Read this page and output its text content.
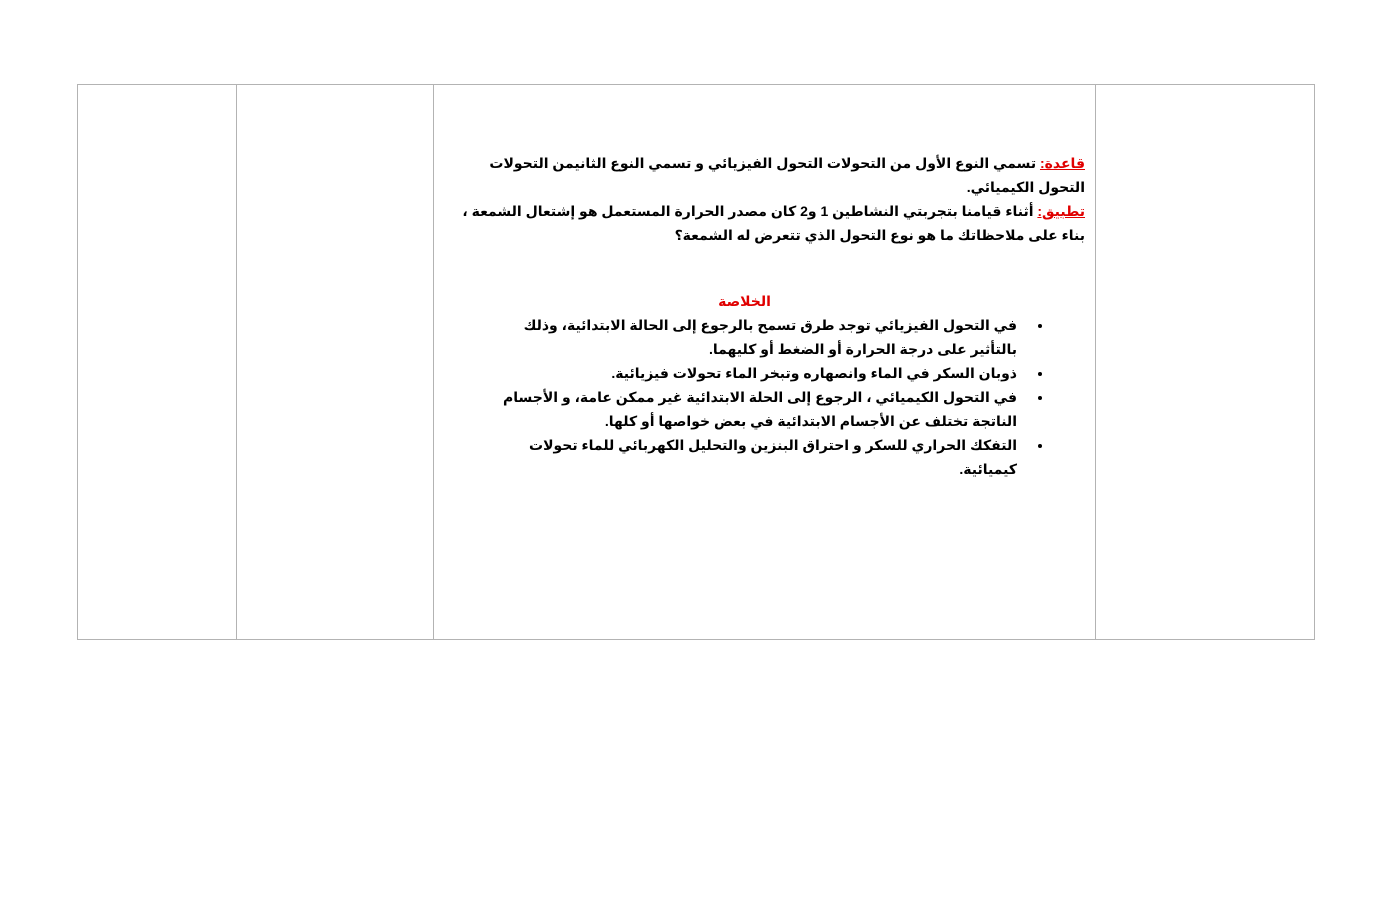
قاعدة: تسمي النوع الأول من التحولات التحول الفيزيائي و تسمي النوع الثانيمن التحولات التحول الكيميائي.

تطبيق: أثناء قيامنا بتجربتي النشاطين 1 و2 كان مصدر الحرارة المستعمل هو إشتعال الشمعة ، بناء على ملاحظاتك ما هو نوع التحول الذي تتعرض له الشمعة؟

الخلاصة

• في التحول الفيزيائي توجد طرق تسمح بالرجوع إلى الحالة الابتدائية، وذلك بالتأثير على درجة الحرارة أو الضغط أو كليهما.
• ذوبان السكر في الماء وانصهاره وتبخر الماء تحولات فيزيائية.
• في التحول الكيميائي ، الرجوع إلى الحلة الابتدائية غير ممكن عامة، و الأجسام الناتجة تختلف عن الأجسام الابتدائية في بعض خواصها أو كلها.
• التفكك الحراري للسكر و احتراق البنزين والتحليل الكهربائي للماء تحولات كيميائية.
